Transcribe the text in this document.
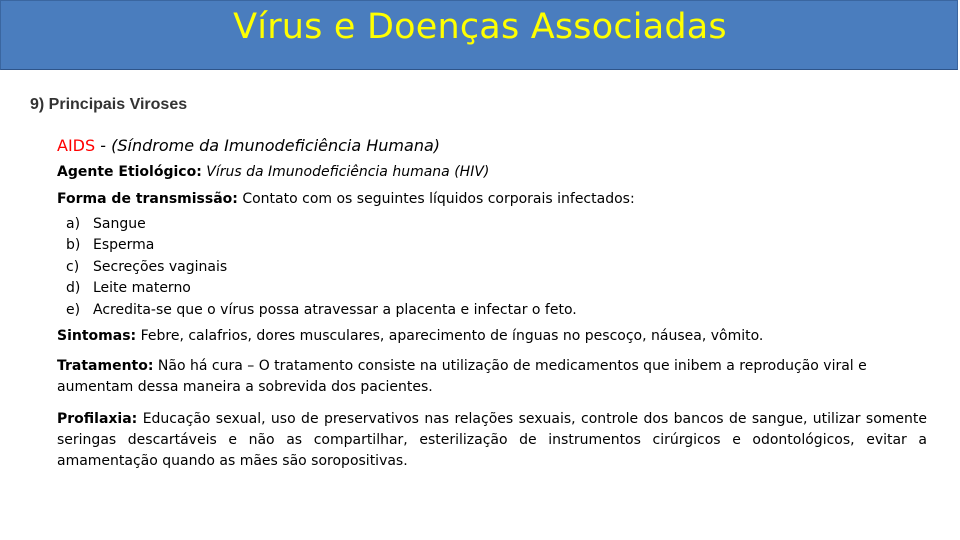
Vírus e Doenças Associadas
9) Principais Viroses
AIDS - (Síndrome da Imunodeficiência Humana)
Agente Etiológico: Vírus da Imunodeficiência humana (HIV)
Forma de transmissão: Contato com os seguintes líquidos corporais infectados:
a) Sangue
b) Esperma
c) Secreções vaginais
d) Leite materno
e) Acredita-se que o vírus possa atravessar a placenta e infectar o feto.
Sintomas: Febre, calafrios, dores musculares, aparecimento de ínguas no pescoço, náusea, vômito.
Tratamento: Não há cura – O tratamento consiste na utilização de medicamentos que inibem a reprodução viral e aumentam dessa maneira a sobrevida dos pacientes.
Profilaxia: Educação sexual, uso de preservativos nas relações sexuais, controle dos bancos de sangue, utilizar somente seringas descartáveis e não as compartilhar, esterilização de instrumentos cirúrgicos e odontológicos, evitar a amamentação quando as mães são soropositivas.
